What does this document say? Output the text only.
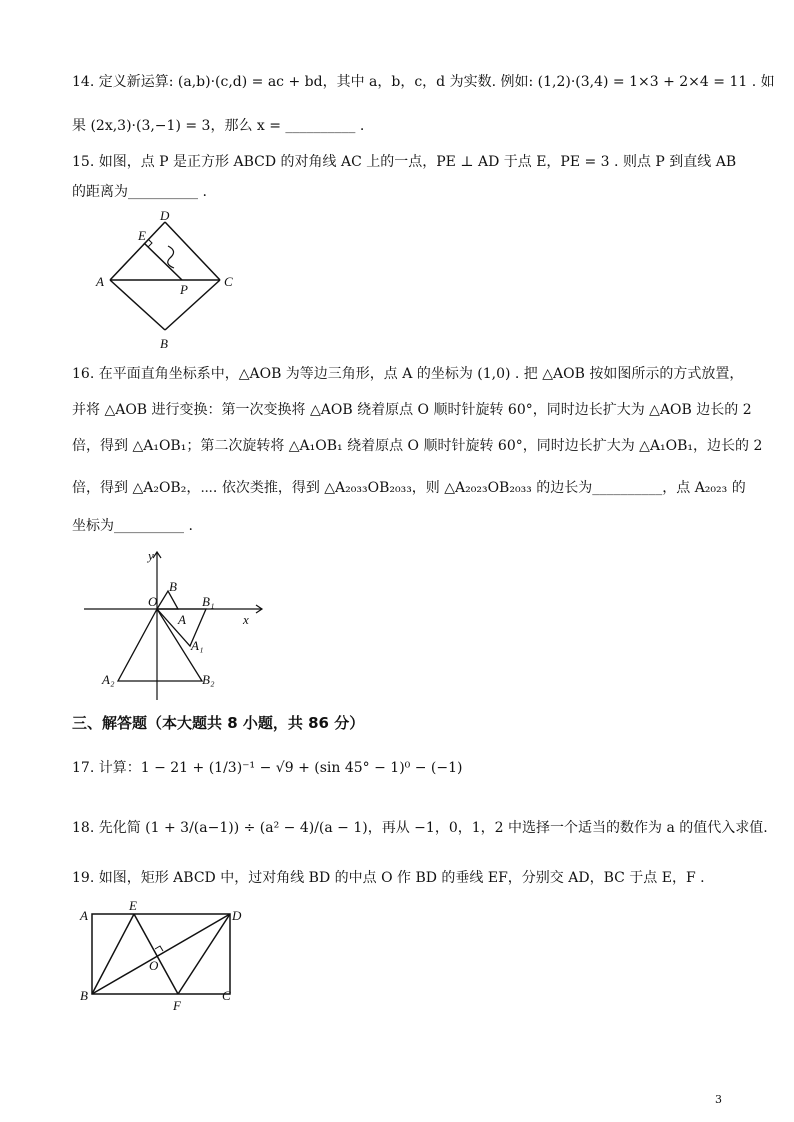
14. 定义新运算: (a,b)·(c,d) = ac + bd，其中 a，b，c，d 为实数. 例如: (1,2)·(3,4) = 1×3 + 2×4 = 11 . 如
果 (2x,3)·(3,−1) = 3，那么 x = __________ .
15. 如图，点 P 是正方形 ABCD 的对角线 AC 上的一点，PE ⊥ AD 于点 E，PE = 3 . 则点 P 到直线 AB
的距离为__________ .
D
E
A	C
P
B
16. 在平面直角坐标系中，△AOB 为等边三角形，点 A 的坐标为 (1,0) . 把 △AOB 按如图所示的方式放置，
并将 △AOB 进行变换：第一次变换将 △AOB 绕着原点 O 顺时针旋转 60°，同时边长扩大为 △AOB 边长的 2
倍，得到 △A₁OB₁；第二次旋转将 △A₁OB₁ 绕着原点 O 顺时针旋转 60°，同时边长扩大为 △A₁OB₁，边长的 2
倍，得到 △A₂OB₂，⋯. 依次类推，得到 △A₂₀₃₃OB₂₀₃₃，则 △A₂₀₂₃OB₂₀₃₃ 的边长为__________，点 A₂₀₂₃ 的
坐标为__________ .
y
x
O
B
A
B₁
A₁
A₂	B₂
三、解答题（本大题共 8 小题，共 86 分）
17. 计算：1 − 21 + (1/3)⁻¹ − √9 + (sin 45° − 1)⁰ − (−1)
18. 先化简 (1 + 3/(a−1)) ÷ (a² − 4)/(a − 1)，再从 −1，0，1，2 中选择一个适当的数作为 a 的值代入求值.
19. 如图，矩形 ABCD 中，过对角线 BD 的中点 O 作 BD 的垂线 EF，分别交 AD，BC 于点 E，F .
A
E
D
O
B
F
C
3
